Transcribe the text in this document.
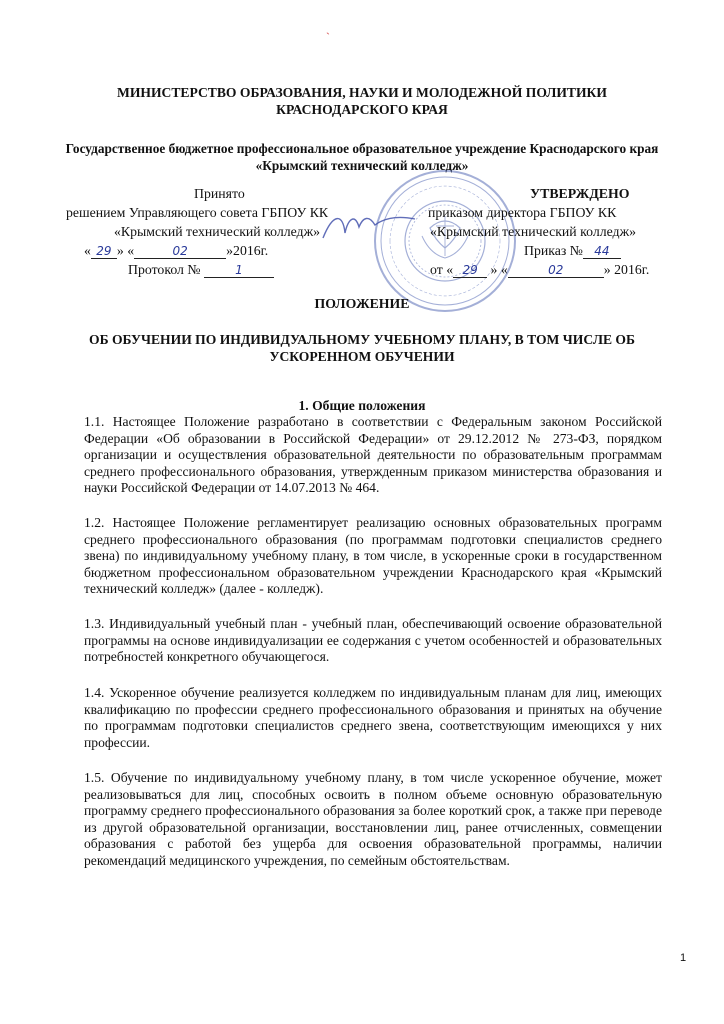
`
МИНИСТЕРСТВО ОБРАЗОВАНИЯ, НАУКИ И МОЛОДЕЖНОЙ ПОЛИТИКИ КРАСНОДАРСКОГО КРАЯ
Государственное бюджетное профессиональное образовательное учреждение Краснодарского края «Крымский технический колледж»
Принято
решением Управляющего совета ГБПОУ КК
«Крымский технический колледж»
« 29 » «	02	»2016г.
Протокол №	1
УТВЕРЖДЕНО
приказом директора ГБПОУ КК
«Крымский технический колледж»
Приказ № 44
от « 29 » «	02	» 2016г.
ПОЛОЖЕНИЕ
ОБ ОБУЧЕНИИ ПО ИНДИВИДУАЛЬНОМУ УЧЕБНОМУ ПЛАНУ, В ТОМ ЧИСЛЕ ОБ УСКОРЕННОМ ОБУЧЕНИИ
1. Общие положения
1.1. Настоящее Положение разработано в соответствии с Федеральным законом Российской Федерации «Об образовании в Российской Федерации» от 29.12.2012 № 273-ФЗ, порядком организации и осуществления образовательной деятельности по образовательным программам среднего профессионального образования, утвержденным приказом министерства образования и науки Российской Федерации от 14.07.2013 № 464.
1.2. Настоящее Положение регламентирует реализацию основных образовательных программ среднего профессионального образования (по программам подготовки специалистов среднего звена) по индивидуальному учебному плану, в том числе, в ускоренные сроки в государственном бюджетном профессиональном образовательном учреждении Краснодарского края «Крымский технический колледж» (далее - колледж).
1.3. Индивидуальный учебный план - учебный план, обеспечивающий освоение образовательной программы на основе индивидуализации ее содержания с учетом особенностей и образовательных потребностей конкретного обучающегося.
1.4. Ускоренное обучение реализуется колледжем по индивидуальным планам для лиц, имеющих квалификацию по профессии среднего профессионального образования и принятых на обучение по программам подготовки специалистов среднего звена, соответствующим имеющихся у них профессии.
1.5. Обучение по индивидуальному учебному плану, в том числе ускоренное обучение, может реализовываться для лиц, способных освоить в полном объеме основную образовательную программу среднего профессионального образования за более короткий срок, а также при переводе из другой образовательной организации, восстановлении лиц, ранее отчисленных, совмещении образования с работой без ущерба для освоения образовательной программы, наличии рекомендаций медицинского учреждения, по семейным обстоятельствам.
1
